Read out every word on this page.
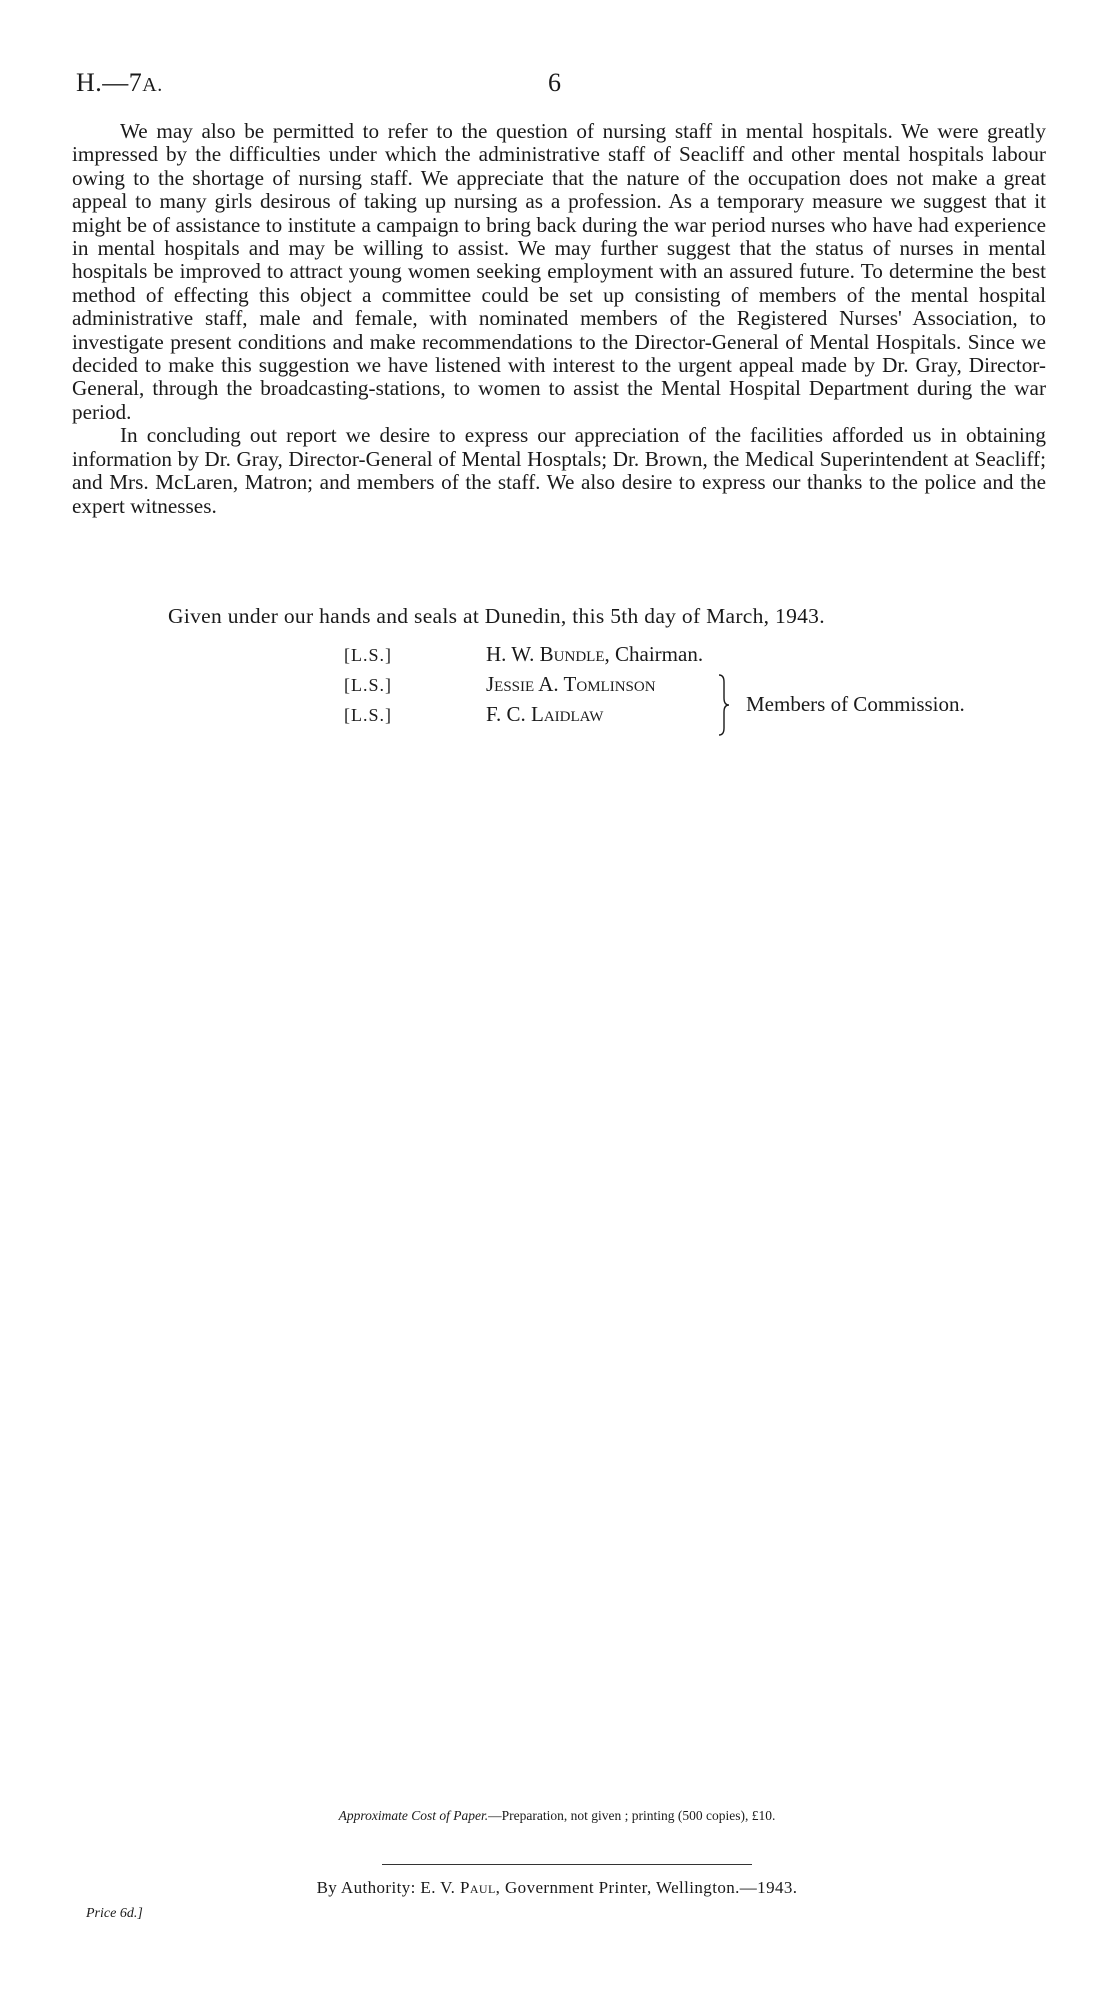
H.—7A.	6

We may also be permitted to refer to the question of nursing staff in mental hospitals. We were greatly impressed by the difficulties under which the administrative staff of Seacliff and other mental hospitals labour owing to the shortage of nursing staff. We appreciate that the nature of the occupation does not make a great appeal to many girls desirous of taking up nursing as a profession. As a temporary measure we suggest that it might be of assistance to institute a campaign to bring back during the war period nurses who have had experience in mental hospitals and may be willing to assist. We may further suggest that the status of nurses in mental hospitals be improved to attract young women seeking employment with an assured future. To determine the best method of effecting this object a committee could be set up consisting of members of the mental hospital administrative staff, male and female, with nominated members of the Registered Nurses' Association, to investigate present conditions and make recommendations to the Director-General of Mental Hospitals. Since we decided to make this suggestion we have listened with interest to the urgent appeal made by Dr. Gray, Director-General, through the broadcasting-stations, to women to assist the Mental Hospital Department during the war period.

In concluding out report we desire to express our appreciation of the facilities afforded us in obtaining information by Dr. Gray, Director-General of Mental Hosptals; Dr. Brown, the Medical Superintendent at Seacliff; and Mrs. McLaren, Matron; and members of the staff. We also desire to express our thanks to the police and the expert witnesses.

Given under our hands and seals at Dunedin, this 5th day of March, 1943.
[L.S.]	H. W. Bundle, Chairman.
[L.S.]	Jessie A. Tomlinson
[L.S.]	F. C. Laidlaw	Members of Commission.
Approximate Cost of Paper.—Preparation, not given ; printing (500 copies), £10.
By Authority: E. V. Paul, Government Printer, Wellington.—1943.
Price 6d.]
